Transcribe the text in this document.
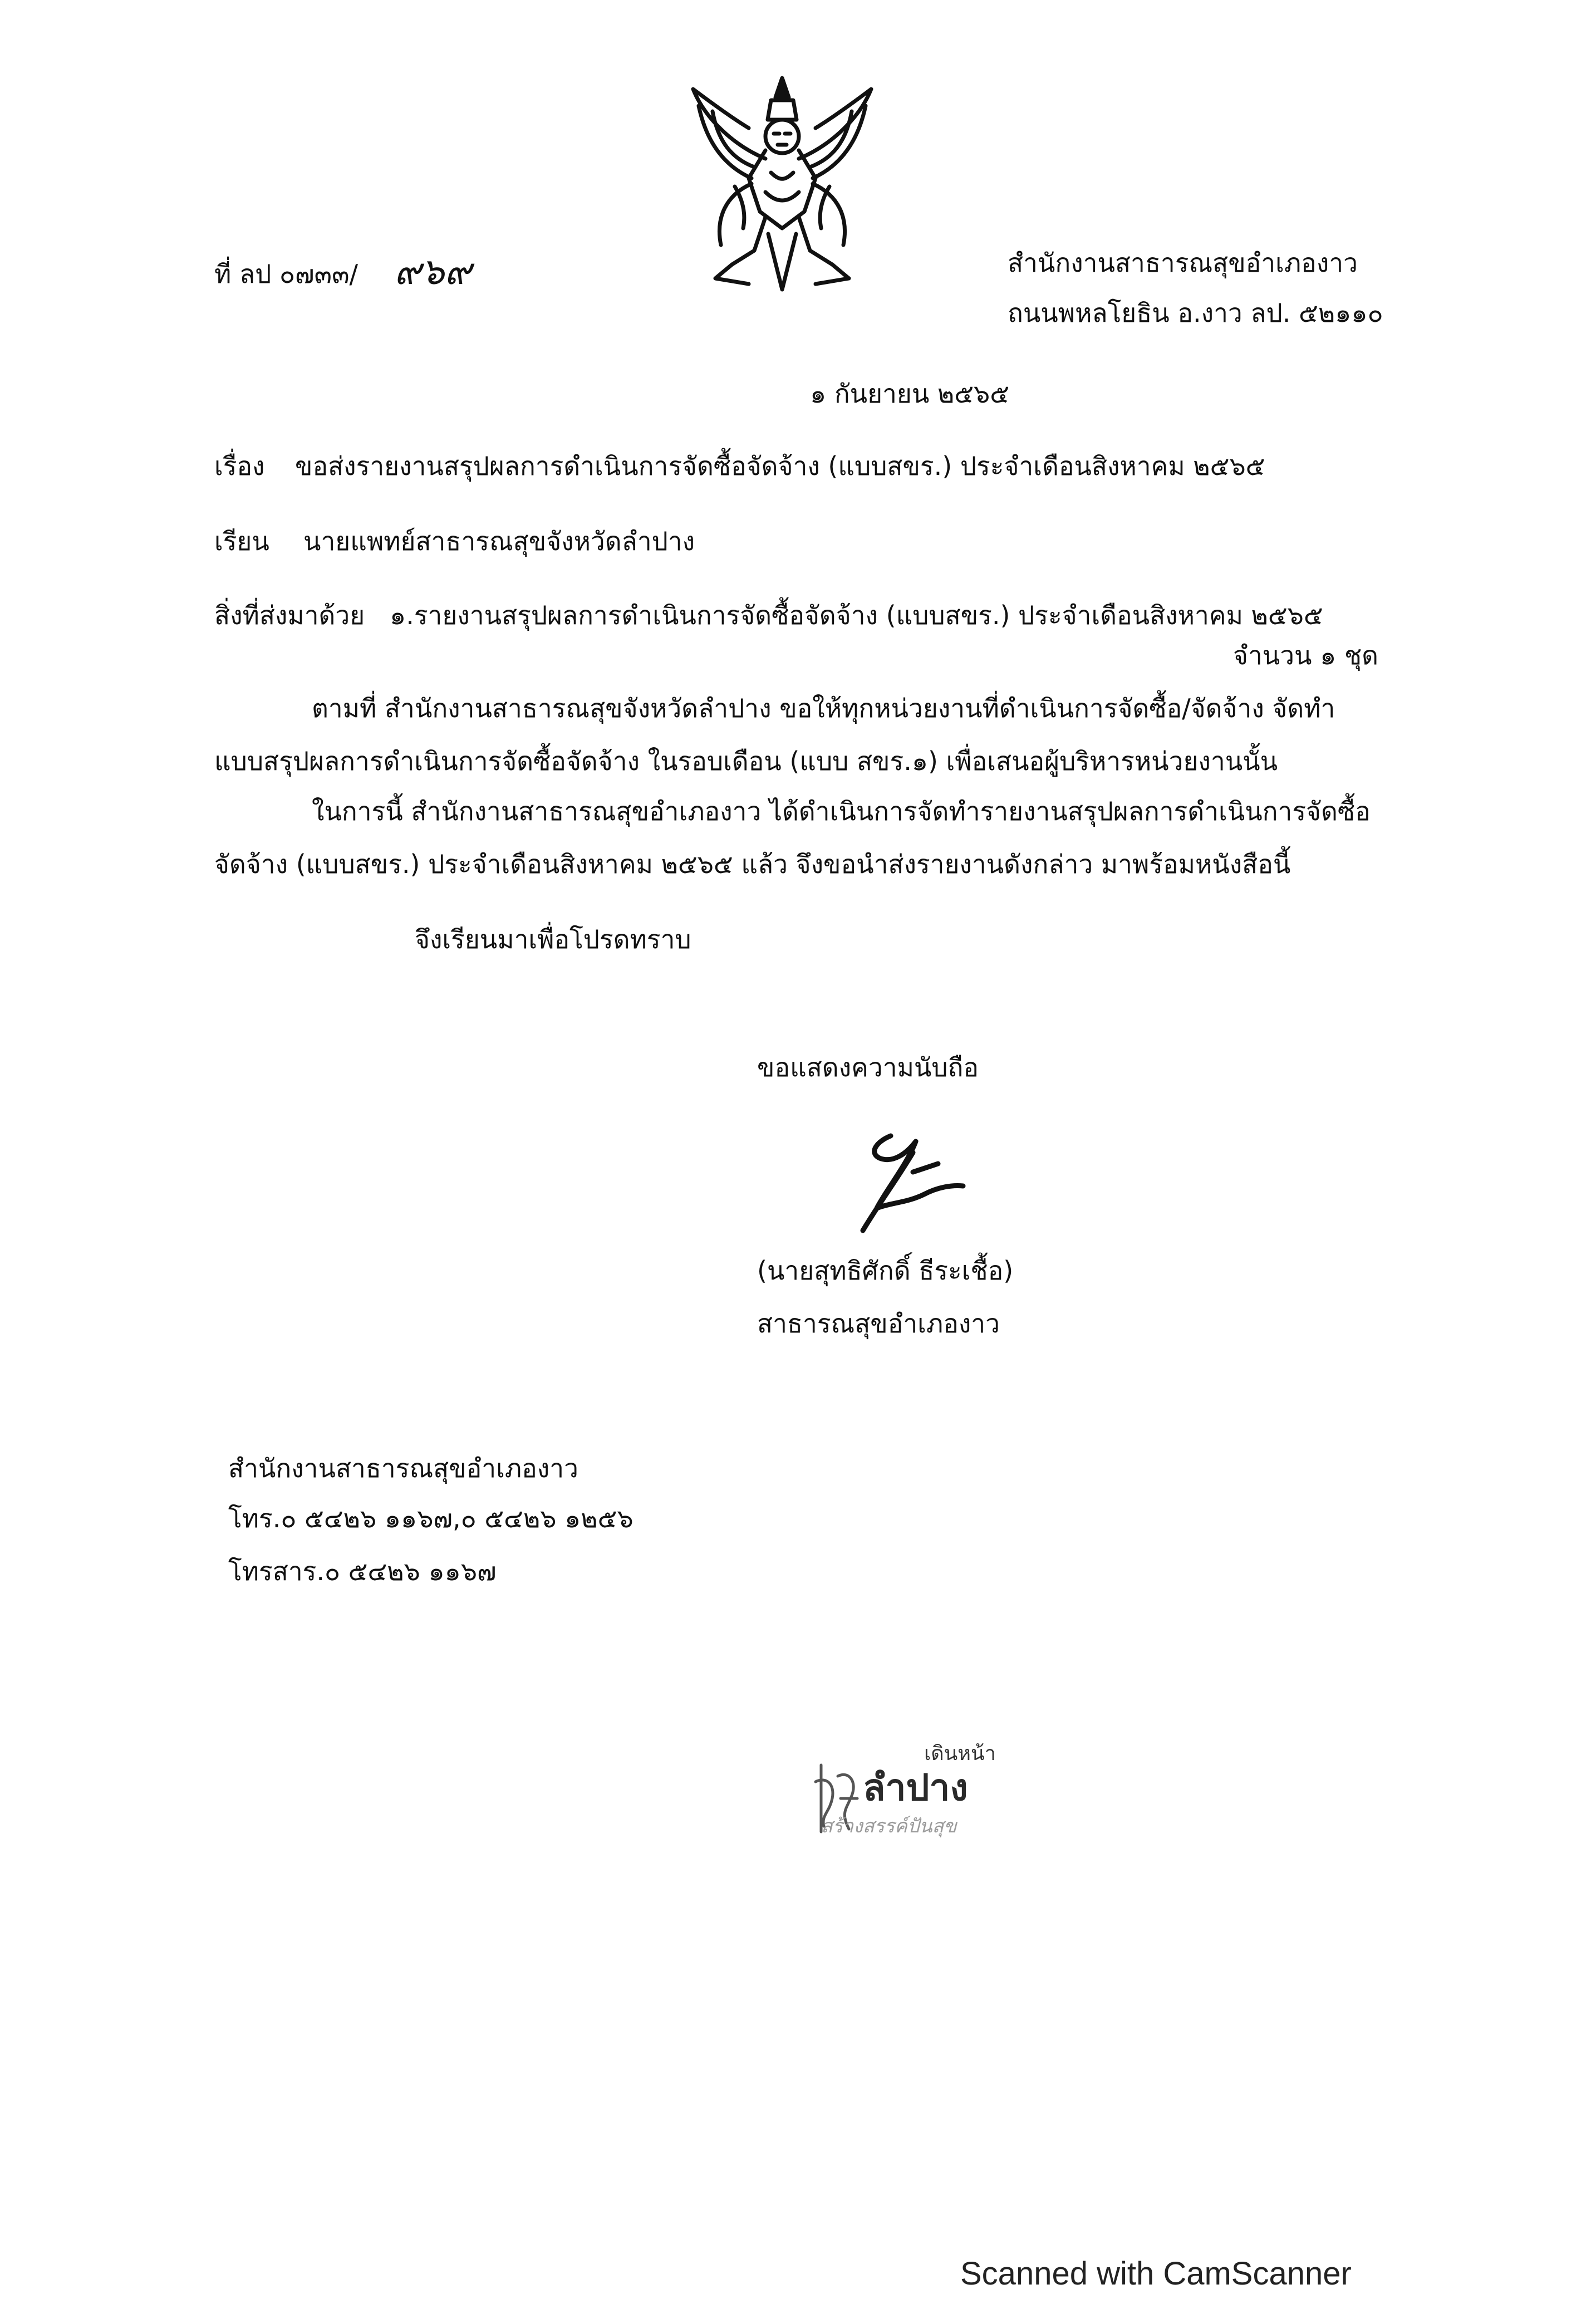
ที่ ลป ๐๗๓๓/ ๙๖๙	สำนักงานสาธารณสุขอำเภองาว
ถนนพหลโยธิน อ.งาว ลป. ๕๒๑๑๐
๑ กันยายน ๒๕๖๕
เรื่อง ขอส่งรายงานสรุปผลการดำเนินการจัดซื้อจัดจ้าง (แบบสขร.) ประจำเดือนสิงหาคม ๒๕๖๕
เรียน นายแพทย์สาธารณสุขจังหวัดลำปาง
สิ่งที่ส่งมาด้วย ๑.รายงานสรุปผลการดำเนินการจัดซื้อจัดจ้าง (แบบสขร.) ประจำเดือนสิงหาคม ๒๕๖๕
จำนวน ๑ ชุด
ตามที่ สำนักงานสาธารณสุขจังหวัดลำปาง ขอให้ทุกหน่วยงานที่ดำเนินการจัดซื้อ/จัดจ้าง จัดทำ
แบบสรุปผลการดำเนินการจัดซื้อจัดจ้าง ในรอบเดือน (แบบ สขร.๑) เพื่อเสนอผู้บริหารหน่วยงานนั้น
ในการนี้ สำนักงานสาธารณสุขอำเภองาว ได้ดำเนินการจัดทำรายงานสรุปผลการดำเนินการจัดซื้อ
จัดจ้าง (แบบสขร.) ประจำเดือนสิงหาคม ๒๕๖๕ แล้ว จึงขอนำส่งรายงานดังกล่าว มาพร้อมหนังสือนี้
จึงเรียนมาเพื่อโปรดทราบ
ขอแสดงความนับถือ
(นายสุทธิศักดิ์ ธีระเชื้อ)
สาธารณสุขอำเภองาว
สำนักงานสาธารณสุขอำเภองาว
โทร.๐ ๕๔๒๖ ๑๑๖๗,๐ ๕๔๒๖ ๑๒๕๖
โทรสาร.๐ ๕๔๒๖ ๑๑๖๗
เดินหน้า
ลำปาง
สร้างสรรค์ปันสุข
Scanned with CamScanner
